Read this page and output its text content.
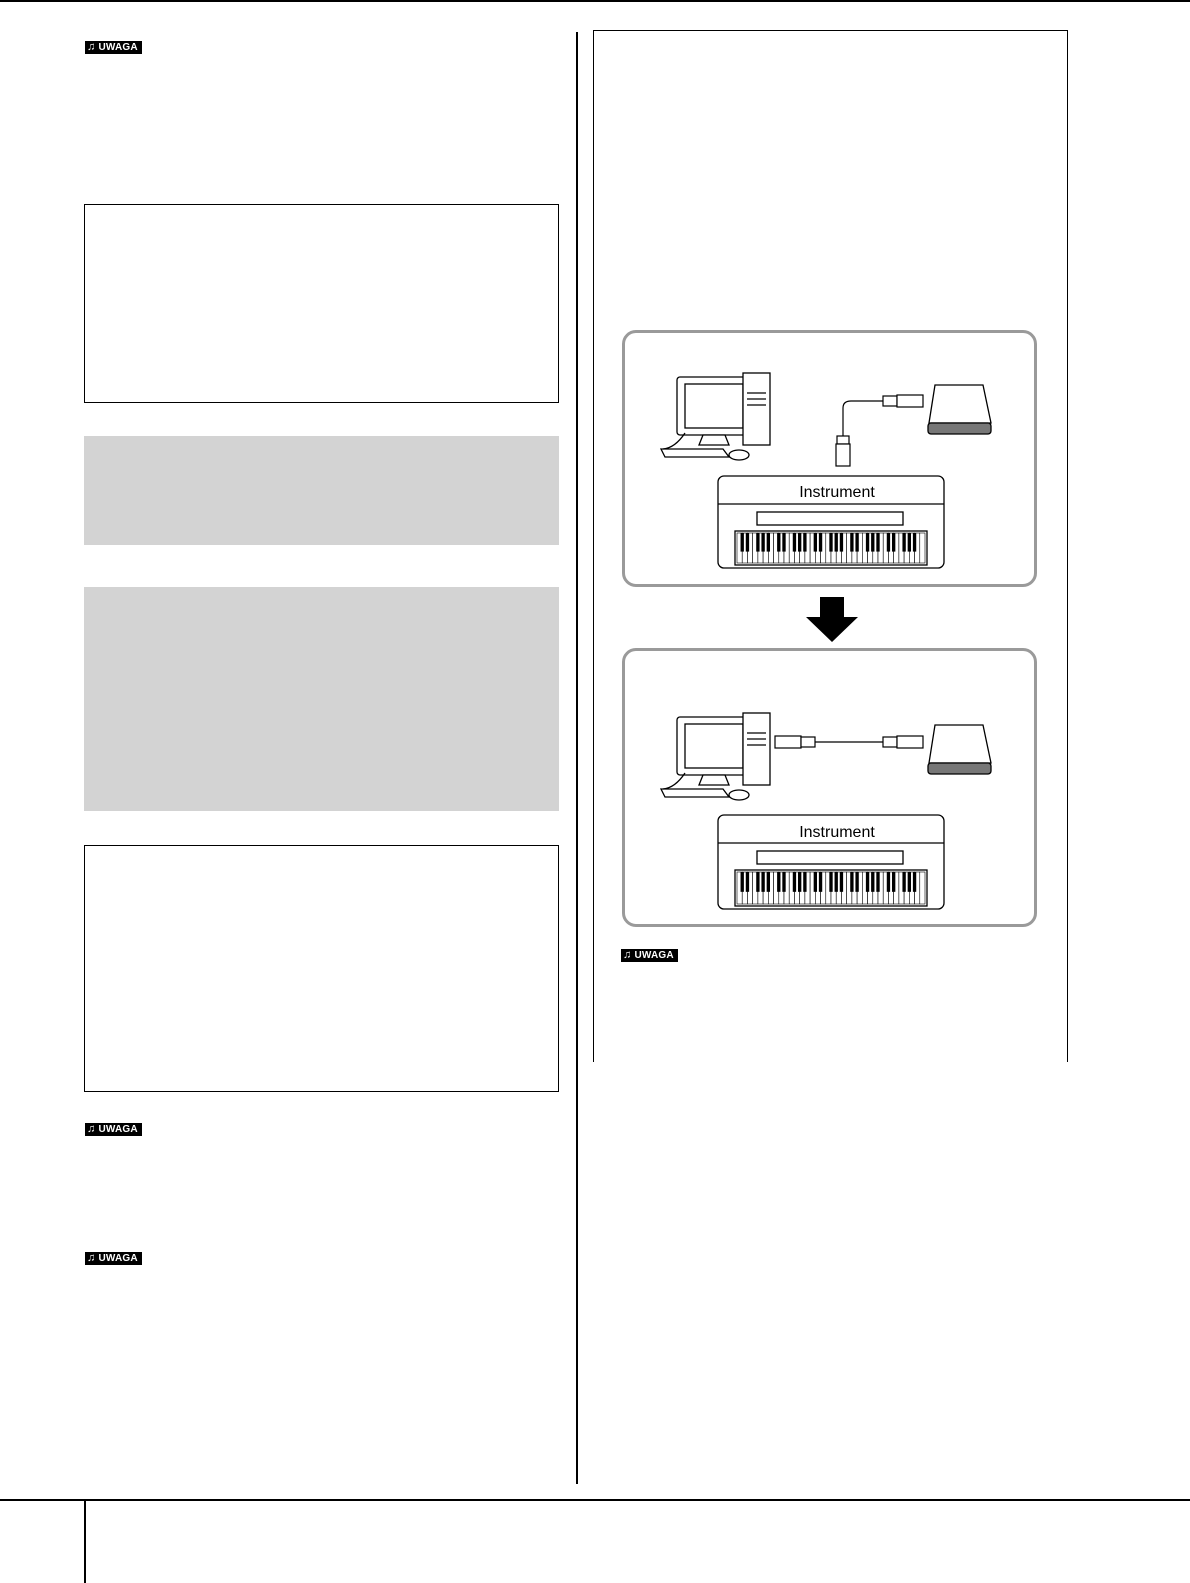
♫ UWAGA
♫ UWAGA
♫ UWAGA
Instrument
Instrument
♫ UWAGA
